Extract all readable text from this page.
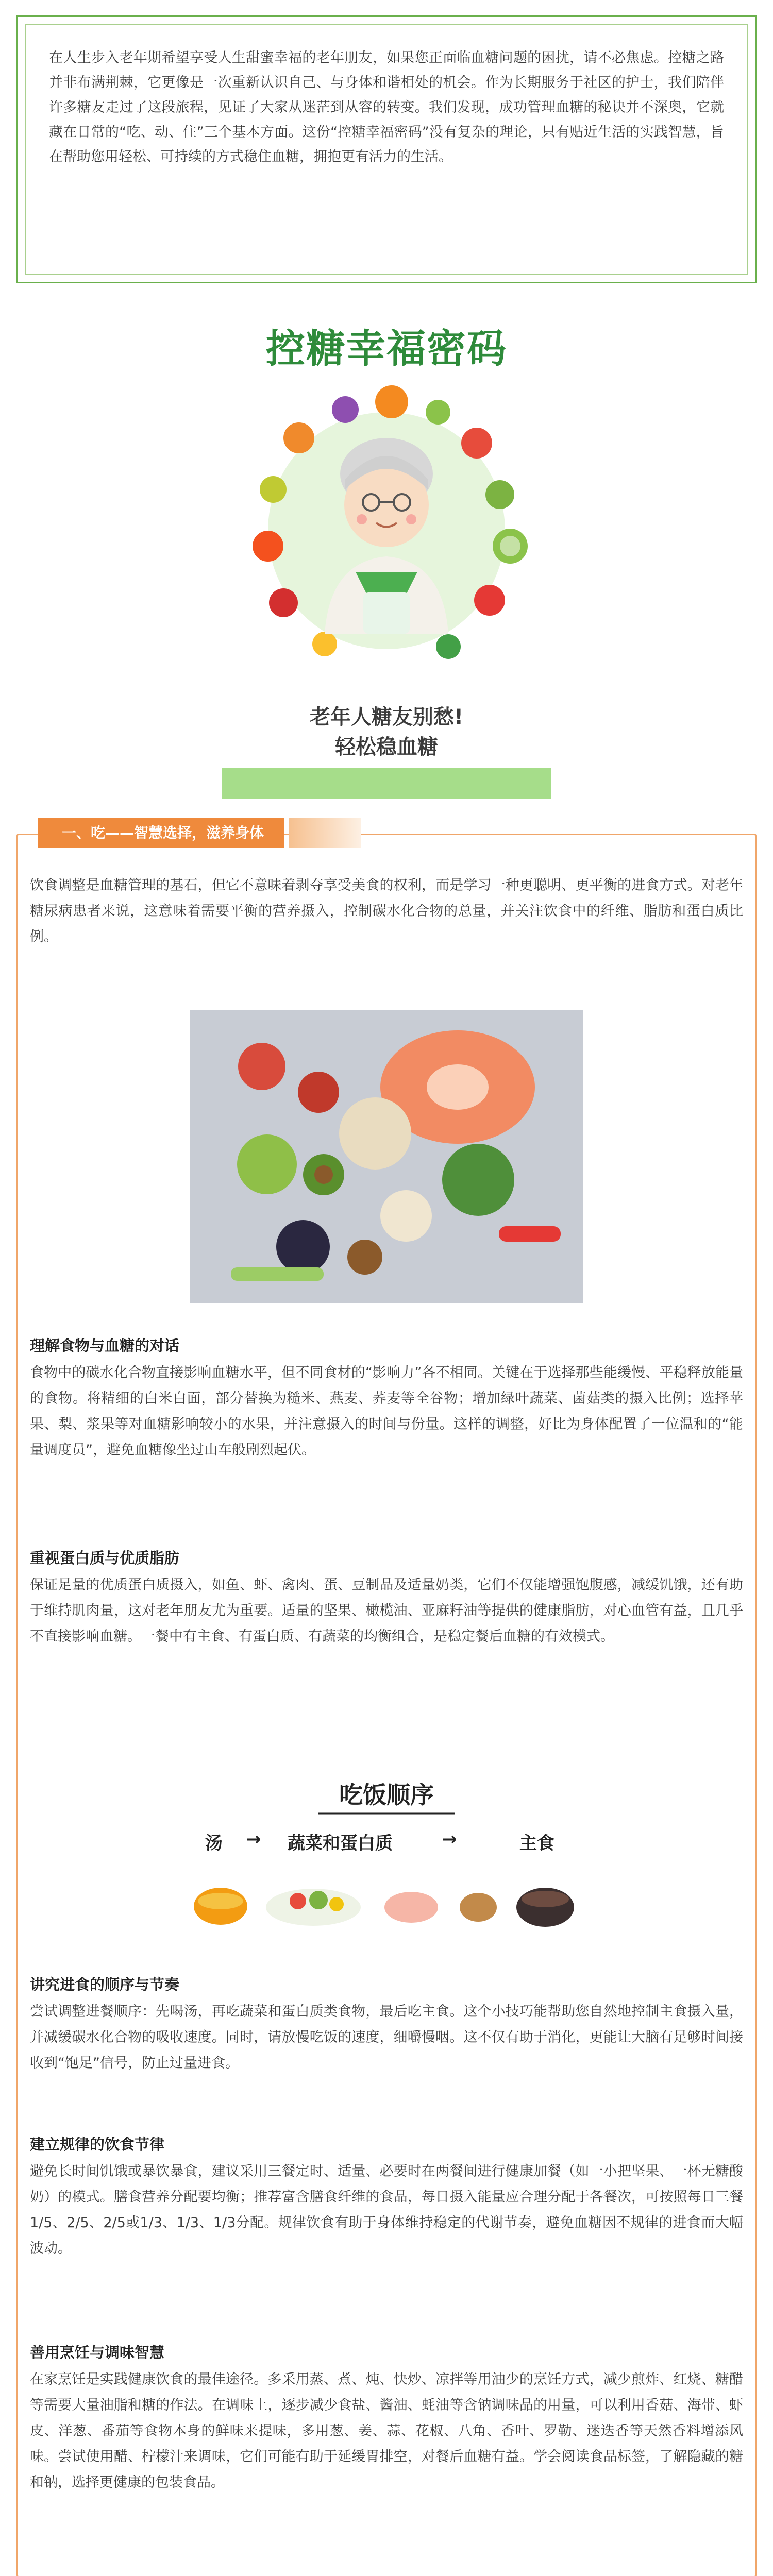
在人生步入老年期希望享受人生甜蜜幸福的老年朋友，如果您正面临血糖问题的困扰，请不必焦虑。控糖之路并非布满荆棘，它更像是一次重新认识自己、与身体和谐相处的机会。作为长期服务于社区的护士，我们陪伴许多糖友走过了这段旅程，见证了大家从迷茫到从容的转变。我们发现，成功管理血糖的秘诀并不深奥，它就藏在日常的“吃、动、住”三个基本方面。这份“控糖幸福密码”没有复杂的理论，只有贴近生活的实践智慧，旨在帮助您用轻松、可持续的方式稳住血糖，拥抱更有活力的生活。
控糖幸福密码
老年人糖友别愁!
轻松稳血糖
一、吃——智慧选择，滋养身体
饮食调整是血糖管理的基石，但它不意味着剥夺享受美食的权利，而是学习一种更聪明、更平衡的进食方式。对老年糖尿病患者来说，这意味着需要平衡的营养摄入，控制碳水化合物的总量，并关注饮食中的纤维、脂肪和蛋白质比例。
理解食物与血糖的对话
食物中的碳水化合物直接影响血糖水平，但不同食材的“影响力”各不相同。关键在于选择那些能缓慢、平稳释放能量的食物。将精细的白米白面，部分替换为糙米、燕麦、荞麦等全谷物；增加绿叶蔬菜、菌菇类的摄入比例；选择苹果、梨、浆果等对血糖影响较小的水果，并注意摄入的时间与份量。这样的调整，好比为身体配置了一位温和的“能量调度员”，避免血糖像坐过山车般剧烈起伏。
重视蛋白质与优质脂肪
保证足量的优质蛋白质摄入，如鱼、虾、禽肉、蛋、豆制品及适量奶类，它们不仅能增强饱腹感，减缓饥饿，还有助于维持肌肉量，这对老年朋友尤为重要。适量的坚果、橄榄油、亚麻籽油等提供的健康脂肪，对心血管有益，且几乎不直接影响血糖。一餐中有主食、有蛋白质、有蔬菜的均衡组合，是稳定餐后血糖的有效模式。
吃饭顺序
汤 → 蔬菜和蛋白质	→	主食
讲究进食的顺序与节奏
尝试调整进餐顺序：先喝汤，再吃蔬菜和蛋白质类食物，最后吃主食。这个小技巧能帮助您自然地控制主食摄入量，并减缓碳水化合物的吸收速度。同时，请放慢吃饭的速度，细嚼慢咽。这不仅有助于消化，更能让大脑有足够时间接收到“饱足”信号，防止过量进食。
建立规律的饮食节律
避免长时间饥饿或暴饮暴食，建议采用三餐定时、适量、必要时在两餐间进行健康加餐（如一小把坚果、一杯无糖酸奶）的模式。膳食营养分配要均衡；推荐富含膳食纤维的食品，每日摄入能量应合理分配于各餐次，可按照每日三餐1/5、2/5、2/5或1/3、1/3、1/3分配。规律饮食有助于身体维持稳定的代谢节奏，避免血糖因不规律的进食而大幅波动。
善用烹饪与调味智慧
在家烹饪是实践健康饮食的最佳途径。多采用蒸、煮、炖、快炒、凉拌等用油少的烹饪方式，减少煎炸、红烧、糖醋等需要大量油脂和糖的作法。在调味上，逐步减少食盐、酱油、蚝油等含钠调味品的用量，可以利用香菇、海带、虾皮、洋葱、番茄等食物本身的鲜味来提味，多用葱、姜、蒜、花椒、八角、香叶、罗勒、迷迭香等天然香料增添风味。尝试使用醋、柠檬汁来调味，它们可能有助于延缓胃排空，对餐后血糖有益。学会阅读食品标签，了解隐藏的糖和钠，选择更健康的包装食品。
